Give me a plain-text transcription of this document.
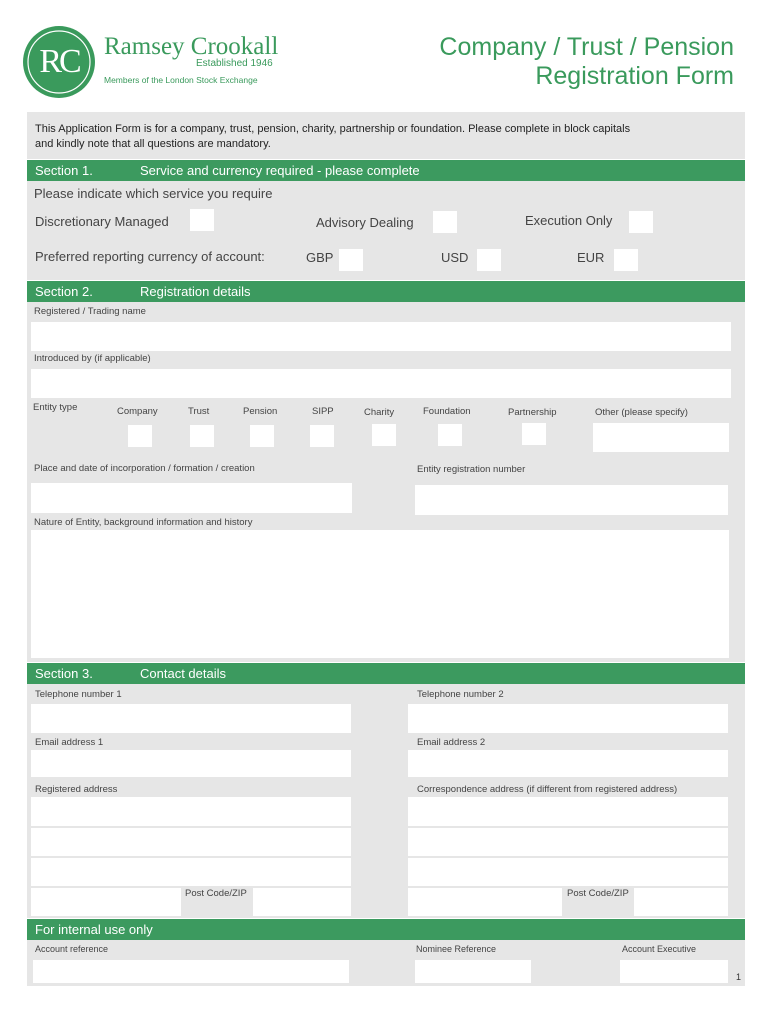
RC	Ramsey Crookall
Established 1946
Members of the London Stock Exchange
Company / Trust / Pension
Registration Form
This Application Form is for a company, trust, pension, charity, partnership or foundation. Please complete in block capitals
and kindly note that all questions are mandatory.
Section 1.	Service and currency required - please complete
Please indicate which service you require
Discretionary Managed	Advisory Dealing	Execution Only
Preferred reporting currency of account:	GBP	USD	EUR
Section 2.	Registration details
Registered / Trading name
Introduced by (if applicable)
Entity type	Company	Trust	Pension	SIPP	Charity	Foundation	Partnership	Other (please specify)
Place and date of incorporation / formation / creation	Entity registration number
Nature of Entity, background information and history
Section 3.	Contact details
Telephone number 1	Telephone number 2
Email address 1	Email address 2
Registered address
Post Code/ZIP
Correspondence address (if different from registered address)
Post Code/ZIP
For internal use only
Account reference	Nominee Reference	Account Executive
1
